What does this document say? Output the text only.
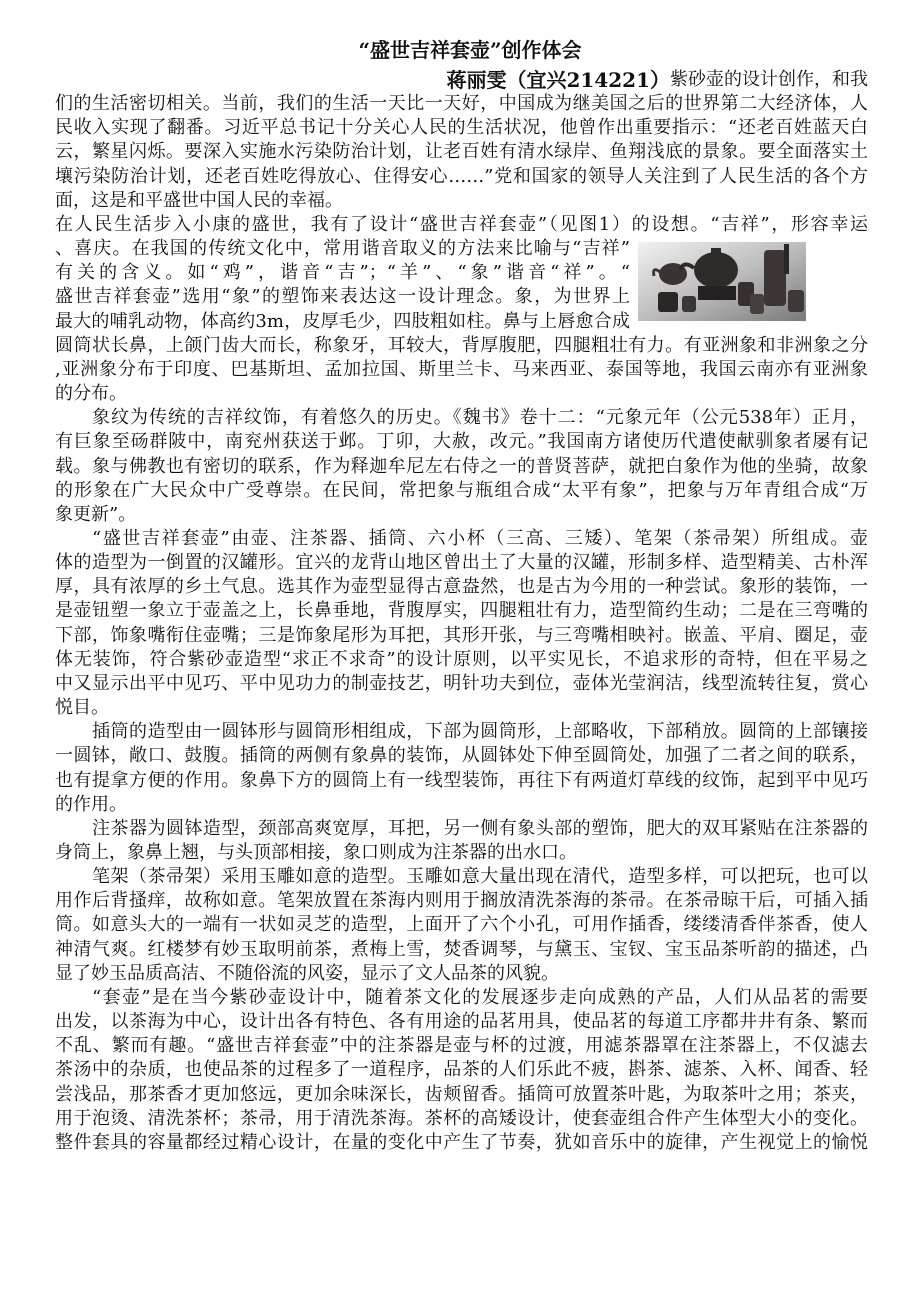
“盛世吉祥套壶”创作体会
蒋丽雯（宜兴214221） 紫砂壶的设计创作，和我
们的生活密切相关。当前，我们的生活一天比一天好，中国成为继美国之后的世界第二大经济体，人
民收入实现了翻番。习近平总书记十分关心人民的生活状况，他曾作出重要指示：“还老百姓蓝天白
云，繁星闪烁。要深入实施水污染防治计划，让老百姓有清水绿岸、鱼翔浅底的景象。要全面落实土
壤污染防治计划，还老百姓吃得放心、住得安心……”党和国家的领导人关注到了人民生活的各个方
面，这是和平盛世中国人民的幸福。
在人民生活步入小康的盛世，我有了设计“盛世吉祥套壶”（见图1）的设想。“吉祥”，形容幸运
、喜庆。在我国的传统文化中，常用谐音取义的方法来比喻与“吉祥”
有关的含义。如“鸡”，谐音“吉”；“羊”、“象”谐音“祥”。“
盛世吉祥套壶”选用“象”的塑饰来表达这一设计理念。象，为世界上
最大的哺乳动物，体高约3m，皮厚毛少，四肢粗如柱。鼻与上唇愈合成
圆筒状长鼻，上颌门齿大而长，称象牙，耳较大，背厚腹肥，四腿粗壮有力。有亚洲象和非洲象之分
,亚洲象分布于印度、巴基斯坦、孟加拉国、斯里兰卡、马来西亚、泰国等地，我国云南亦有亚洲象
的分布。
象纹为传统的吉祥纹饰，有着悠久的历史。《魏书》卷十二：“元象元年（公元538年）正月，
有巨象至砀群陂中，南兖州获送于邺。丁卯，大赦，改元。”我国南方诸使历代遣使献驯象者屡有记
载。象与佛教也有密切的联系，作为释迦牟尼左右侍之一的普贤菩萨，就把白象作为他的坐骑，故象
的形象在广大民众中广受尊崇。在民间，常把象与瓶组合成“太平有象”，把象与万年青组合成“万
象更新”。
“盛世吉祥套壶”由壶、注茶器、插筒、六小杯（三高、三矮）、笔架（茶帚架）所组成。壶
体的造型为一倒置的汉罐形。宜兴的龙背山地区曾出土了大量的汉罐，形制多样、造型精美、古朴浑
厚，具有浓厚的乡土气息。选其作为壶型显得古意盎然，也是古为今用的一种尝试。象形的装饰，一
是壶钮塑一象立于壶盖之上，长鼻垂地，背腹厚实，四腿粗壮有力，造型简约生动；二是在三弯嘴的
下部，饰象嘴衔住壶嘴；三是饰象尾形为耳把，其形开张，与三弯嘴相映衬。嵌盖、平肩、圈足，壶
体无装饰，符合紫砂壶造型“求正不求奇”的设计原则，以平实见长，不追求形的奇特，但在平易之
中又显示出平中见巧、平中见功力的制壶技艺，明针功夫到位，壶体光莹润洁，线型流转往复，赏心
悦目。
插筒的造型由一圆钵形与圆筒形相组成，下部为圆筒形，上部略收，下部稍放。圆筒的上部镶接
一圆钵，敞口、鼓腹。插筒的两侧有象鼻的装饰，从圆钵处下伸至圆筒处，加强了二者之间的联系，
也有提拿方便的作用。象鼻下方的圆筒上有一线型装饰，再往下有两道灯草线的纹饰，起到平中见巧
的作用。
注茶器为圆钵造型，颈部高爽宽厚，耳把，另一侧有象头部的塑饰，肥大的双耳紧贴在注茶器的
身筒上，象鼻上翘，与头顶部相接，象口则成为注茶器的出水口。
笔架（茶帚架）采用玉雕如意的造型。玉雕如意大量出现在清代，造型多样，可以把玩，也可以
用作后背搔痒，故称如意。笔架放置在茶海内则用于搁放清洗茶海的茶帚。在茶帚晾干后，可插入插
筒。如意头大的一端有一状如灵芝的造型，上面开了六个小孔，可用作插香，缕缕清香伴茶香，使人
神清气爽。红楼梦有妙玉取明前茶，煮梅上雪，焚香调琴，与黛玉、宝钗、宝玉品茶听韵的描述，凸
显了妙玉品质高洁、不随俗流的风姿，显示了文人品茶的风貌。
“套壶”是在当今紫砂壶设计中，随着茶文化的发展逐步走向成熟的产品，人们从品茗的需要
出发，以茶海为中心，设计出各有特色、各有用途的品茗用具，使品茗的每道工序都井井有条、繁而
不乱、繁而有趣。“盛世吉祥套壶”中的注茶器是壶与杯的过渡，用滤茶器罩在注茶器上，不仅滤去
茶汤中的杂质，也使品茶的过程多了一道程序，品茶的人们乐此不疲，斟茶、滤茶、入杯、闻香、轻
尝浅品，那茶香才更加悠远，更加余味深长，齿颊留香。插筒可放置茶叶匙，为取茶叶之用；茶夹，
用于泡烫、清洗茶杯；茶帚，用于清洗茶海。茶杯的高矮设计，使套壶组合件产生体型大小的变化。
整件套具的容量都经过精心设计，在量的变化中产生了节奏，犹如音乐中的旋律，产生视觉上的愉悦
